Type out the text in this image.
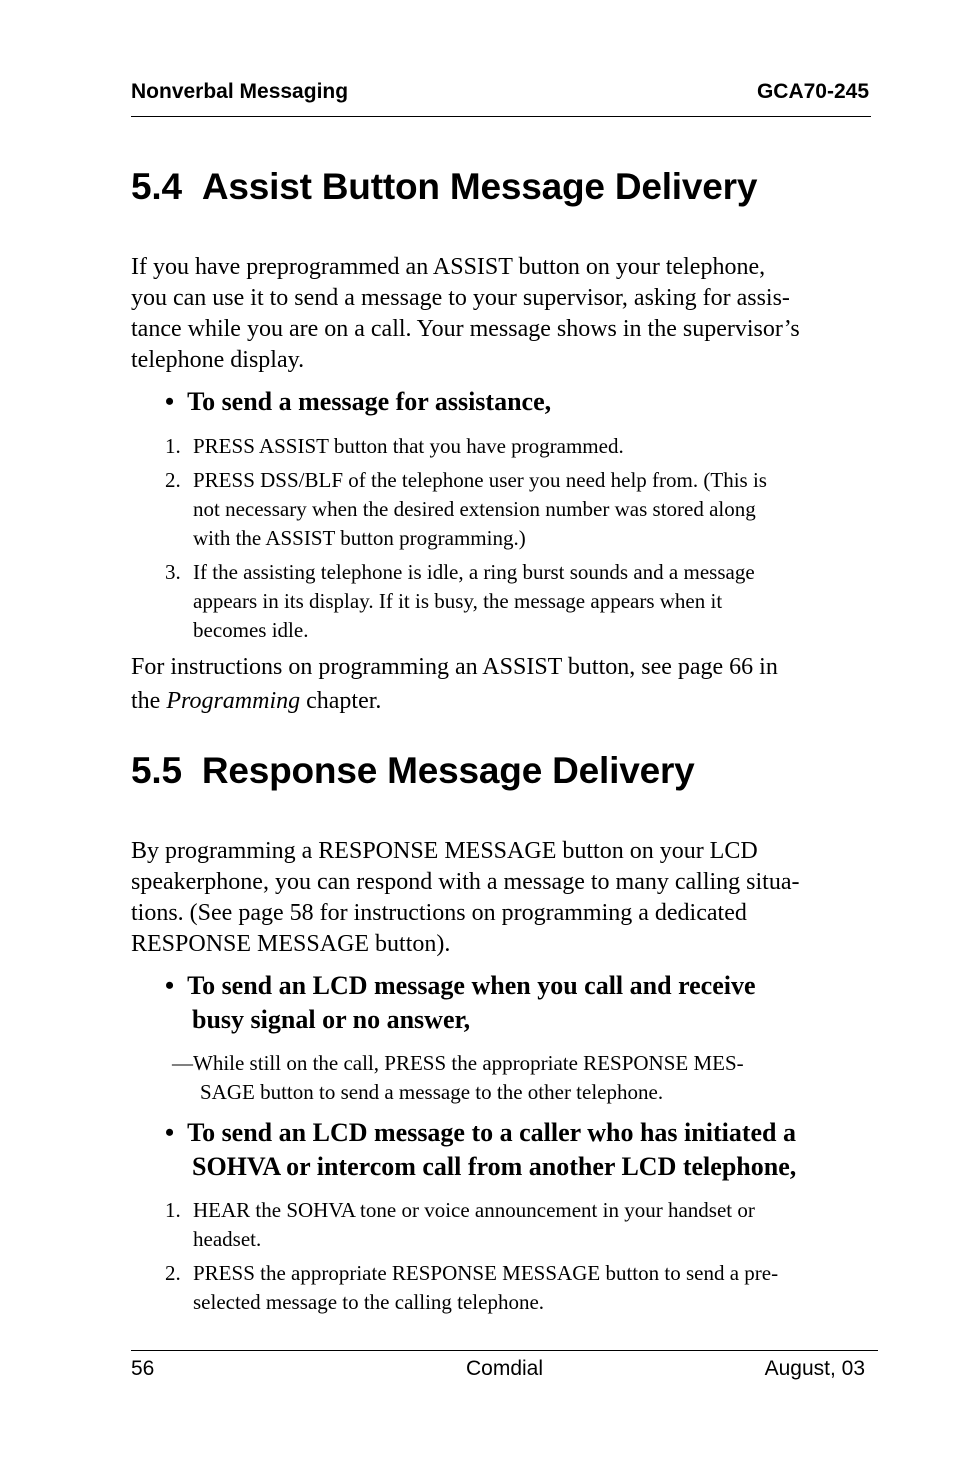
Nonverbal Messaging	GCA70-245
5.4 Assist Button Message Delivery
If you have preprogrammed an ASSIST button on your telephone,
you can use it to send a message to your supervisor, asking for assis-
tance while you are on a call. Your message shows in the supervisor’s
telephone display.
•  To send a message for assistance,
1. PRESS ASSIST button that you have programmed.
2. PRESS DSS/BLF of the telephone user you need help from. (This is
not necessary when the desired extension number was stored along
with the ASSIST button programming.)
3. If the assisting telephone is idle, a ring burst sounds and a message
appears in its display. If it is busy, the message appears when it
becomes idle.
For instructions on programming an ASSIST button, see page 66 in
the Programming chapter.
5.5 Response Message Delivery
By programming a RESPONSE MESSAGE button on your LCD
speakerphone, you can respond with a message to many calling situa-
tions. (See page 58 for instructions on programming a dedicated
RESPONSE MESSAGE button).
•  To send an LCD message when you call and receive
busy signal or no answer,
—While still on the call, PRESS the appropriate RESPONSE MES-
SAGE button to send a message to the other telephone.
•  To send an LCD message to a caller who has initiated a
SOHVA or intercom call from another LCD telephone,
1. HEAR the SOHVA tone or voice announcement in your handset or
headset.
2. PRESS the appropriate RESPONSE MESSAGE button to send a pre-
selected message to the calling telephone.
56	Comdial	August, 03
